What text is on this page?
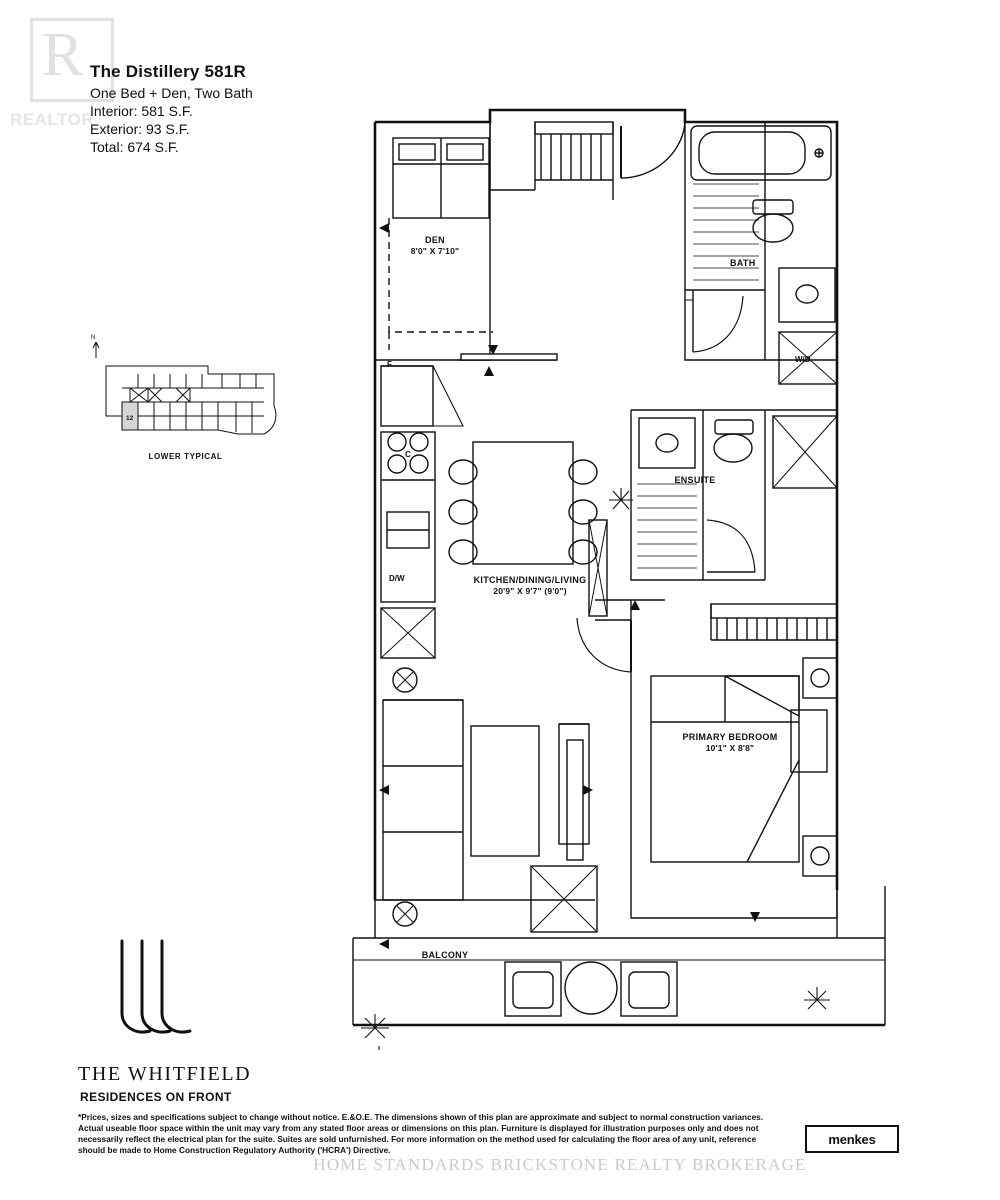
R
REALTOR
The Distillery 581R
One Bed + Den, Two Bath
Interior: 581 S.F.
Exterior: 93 S.F.
Total: 674 S.F.
N
12
LOWER TYPICAL
THE WHITFIELD
RESIDENCES ON FRONT
*Prices, sizes and specifications subject to change without notice. E.&O.E. The dimensions shown of this plan are approximate and subject to normal construction variances. Actual useable floor space within the unit may vary from any stated floor areas or dimensions on this plan. Furniture is displayed for illustration purposes only and does not necessarily reflect the electrical plan for the suite. Suites are sold unfurnished. For more information on the method used for calculating the floor area of any unit, reference should be made to Home Construction Regulatory Authority ('HCRA') Directive.
menkes
HOME STANDARDS BRICKSTONE REALTY BROKERAGE
DEN
8'0" X 7'10"
BATH
ENSUITE
KITCHEN/DINING/LIVING
20'9" X 9'7" (9'0")
PRIMARY BEDROOM
10'1" X 8'8"
BALCONY
F
C
D/W
W/D
